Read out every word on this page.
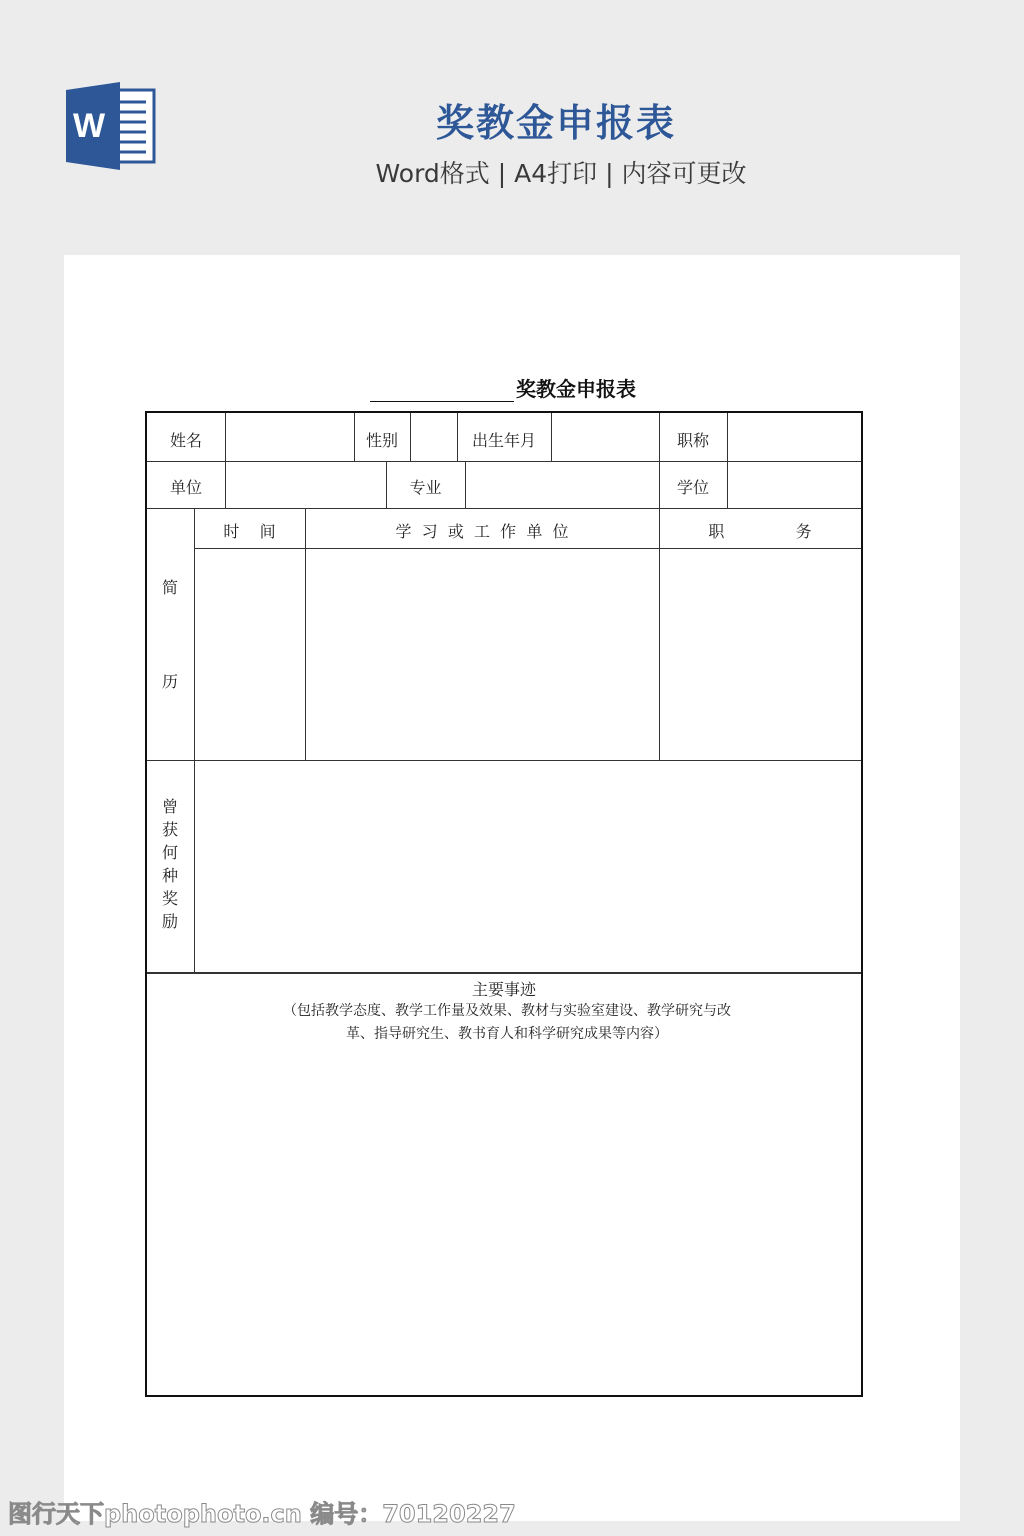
W	奖教金申报表
Word格式 | A4打印 | 内容可更改
奖教金申报表
姓名	性别	出生年月	职称
单位	专业	学位
简
历
时    间	学  习  或  工  作  单  位	职              务
曾
获
何
种
奖
励
主要事迹
（包括教学态度、教学工作量及效果、教材与实验室建设、教学研究与改革、指导研究生、教书育人和科学研究成果等内容）
图行天下photophoto.cn 编号：70120227
